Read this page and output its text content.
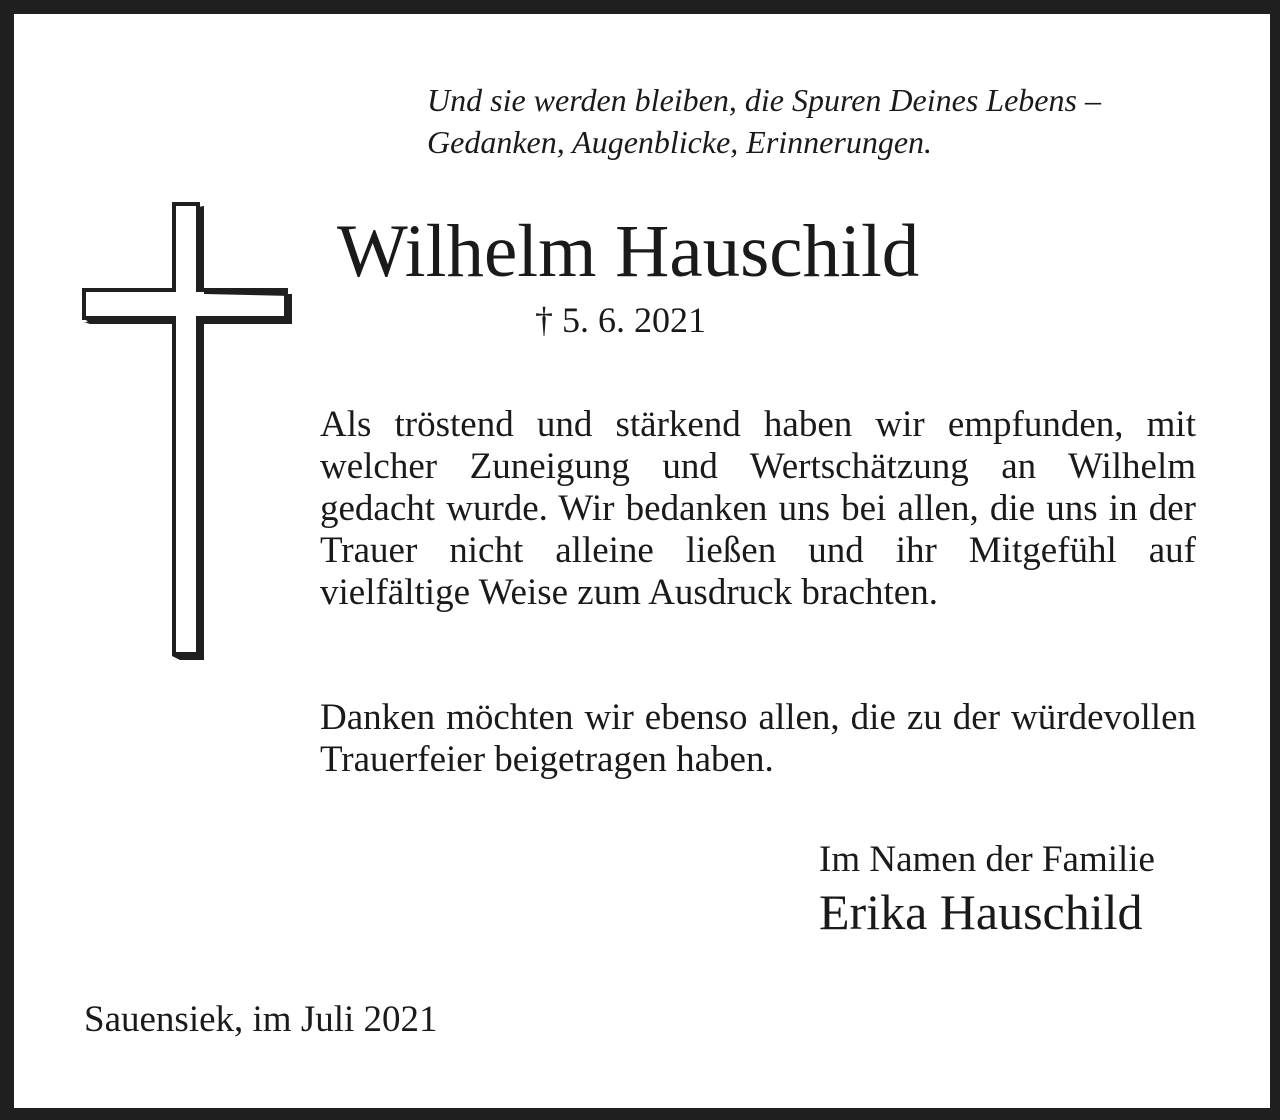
Und sie werden bleiben, die Spuren Deines Lebens –
Gedanken, Augenblicke, Erinnerungen.
Wilhelm Hauschild
† 5. 6. 2021

Als tröstend und stärkend haben wir empfunden, mit welcher Zuneigung und Wertschätzung an Wilhelm gedacht wurde. Wir bedanken uns bei allen, die uns in der Trauer nicht alleine ließen und ihr Mitgefühl auf vielfältige Weise zum Ausdruck brachten.

Danken möchten wir ebenso allen, die zu der würdevollen Trauerfeier beigetragen haben.

Im Namen der Familie
Erika Hauschild
Sauensiek, im Juli 2021
